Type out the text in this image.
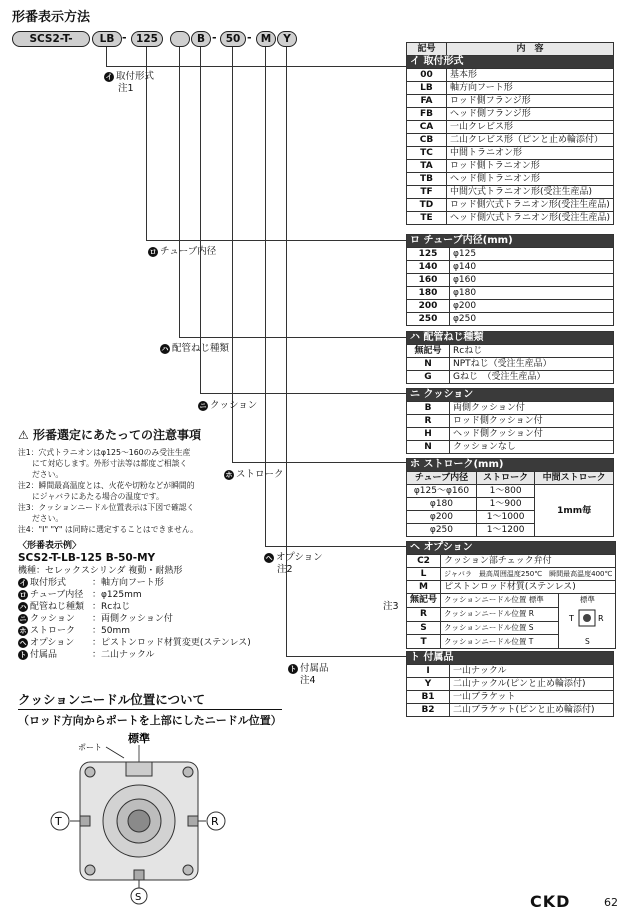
形番表示方法
SCS2-T-	LB - 125	B - 50 - M	Y
イ 取付形式
注1
ロ チューブ内径
ハ 配管ねじ種類
ニ クッション
ホ ストローク
ヘ オプション
注2
ト 付属品
注4
注3
記号	内　容
イ 取付形式	
00	基本形
LB	軸方向フート形
FA	ロッド側フランジ形
FB	ヘッド側フランジ形
CA	一山クレビス形
CB	二山クレビス形（ピンと止め輪添付）
TC	中間トラニオン形
TA	ロッド側トラニオン形
TB	ヘッド側トラニオン形
TF	中間穴式トラニオン形(受注生産品)
TD	ロッド側穴式トラニオン形(受注生産品)
TE	ヘッド側穴式トラニオン形(受注生産品)
ロ チューブ内径(mm)	
125	φ125
140	φ140
160	φ160
180	φ180
200	φ200
250	φ250
ハ 配管ねじ種類	
無記号	Rcねじ
N	NPTねじ（受注生産品）
G	Gねじ　（受注生産品）
ニ クッション	
B	両側クッション付
R	ロッド側クッション付
H	ヘッド側クッション付
N	クッションなし
ホ ストローク(mm)		
チューブ内径	ストローク	中間ストローク
φ125〜φ160	1〜800	1mm毎
φ180	1〜900	
φ200	1〜1000	
φ250	1〜1200	
ヘ オプション		
C2	クッション部チェック弁付	
L	ジャバラ　 最高周囲温度250℃　 瞬間最高温度400℃	
M	ピストンロッド材質(ステンレス)	
無記号	クッションニードル位置 標準	標準
T R
S

R	クッションニードル位置 R	
S	クッションニードル位置 S	
T	クッションニードル位置 T	
ト 付属品	
I	一山ナックル
Y	二山ナックル(ピンと止め輪添付)
B1	一山ブラケット
B2	二山ブラケット(ピンと止め輪添付)
⚠ 形番選定にあたっての注意事項
注1：穴式トラニオンはφ125〜160のみ受注生産
にて対応します。外形寸法等は都度ご相談く
ださい。
注2：瞬間最高温度とは、火花や切粉などが瞬間的
にジャバラにあたる場合の温度です。
注3：クッションニードル位置表示は下図で確認く
ださい。
注4："I" "Y" は同時に選定することはできません。
〈形番表示例〉
SCS2-T-LB-125 B-50-MY
機種：セレックスシリンダ 複動・耐熱形
イ 取付形式	：軸方向フート形
ロ チューブ内径 ：φ125mm
ハ 配管ねじ種類 ：Rcねじ
ニ クッション ：両側クッション付
ホ ストローク ：50mm
ヘ オプション ：ピストンロッド材質変更(ステンレス)
ト 付属品	：二山ナックル
クッションニードル位置について
（ロッド方向からポートを上部にしたニードル位置）
標準
ポート
T	R
S	CKD	62
